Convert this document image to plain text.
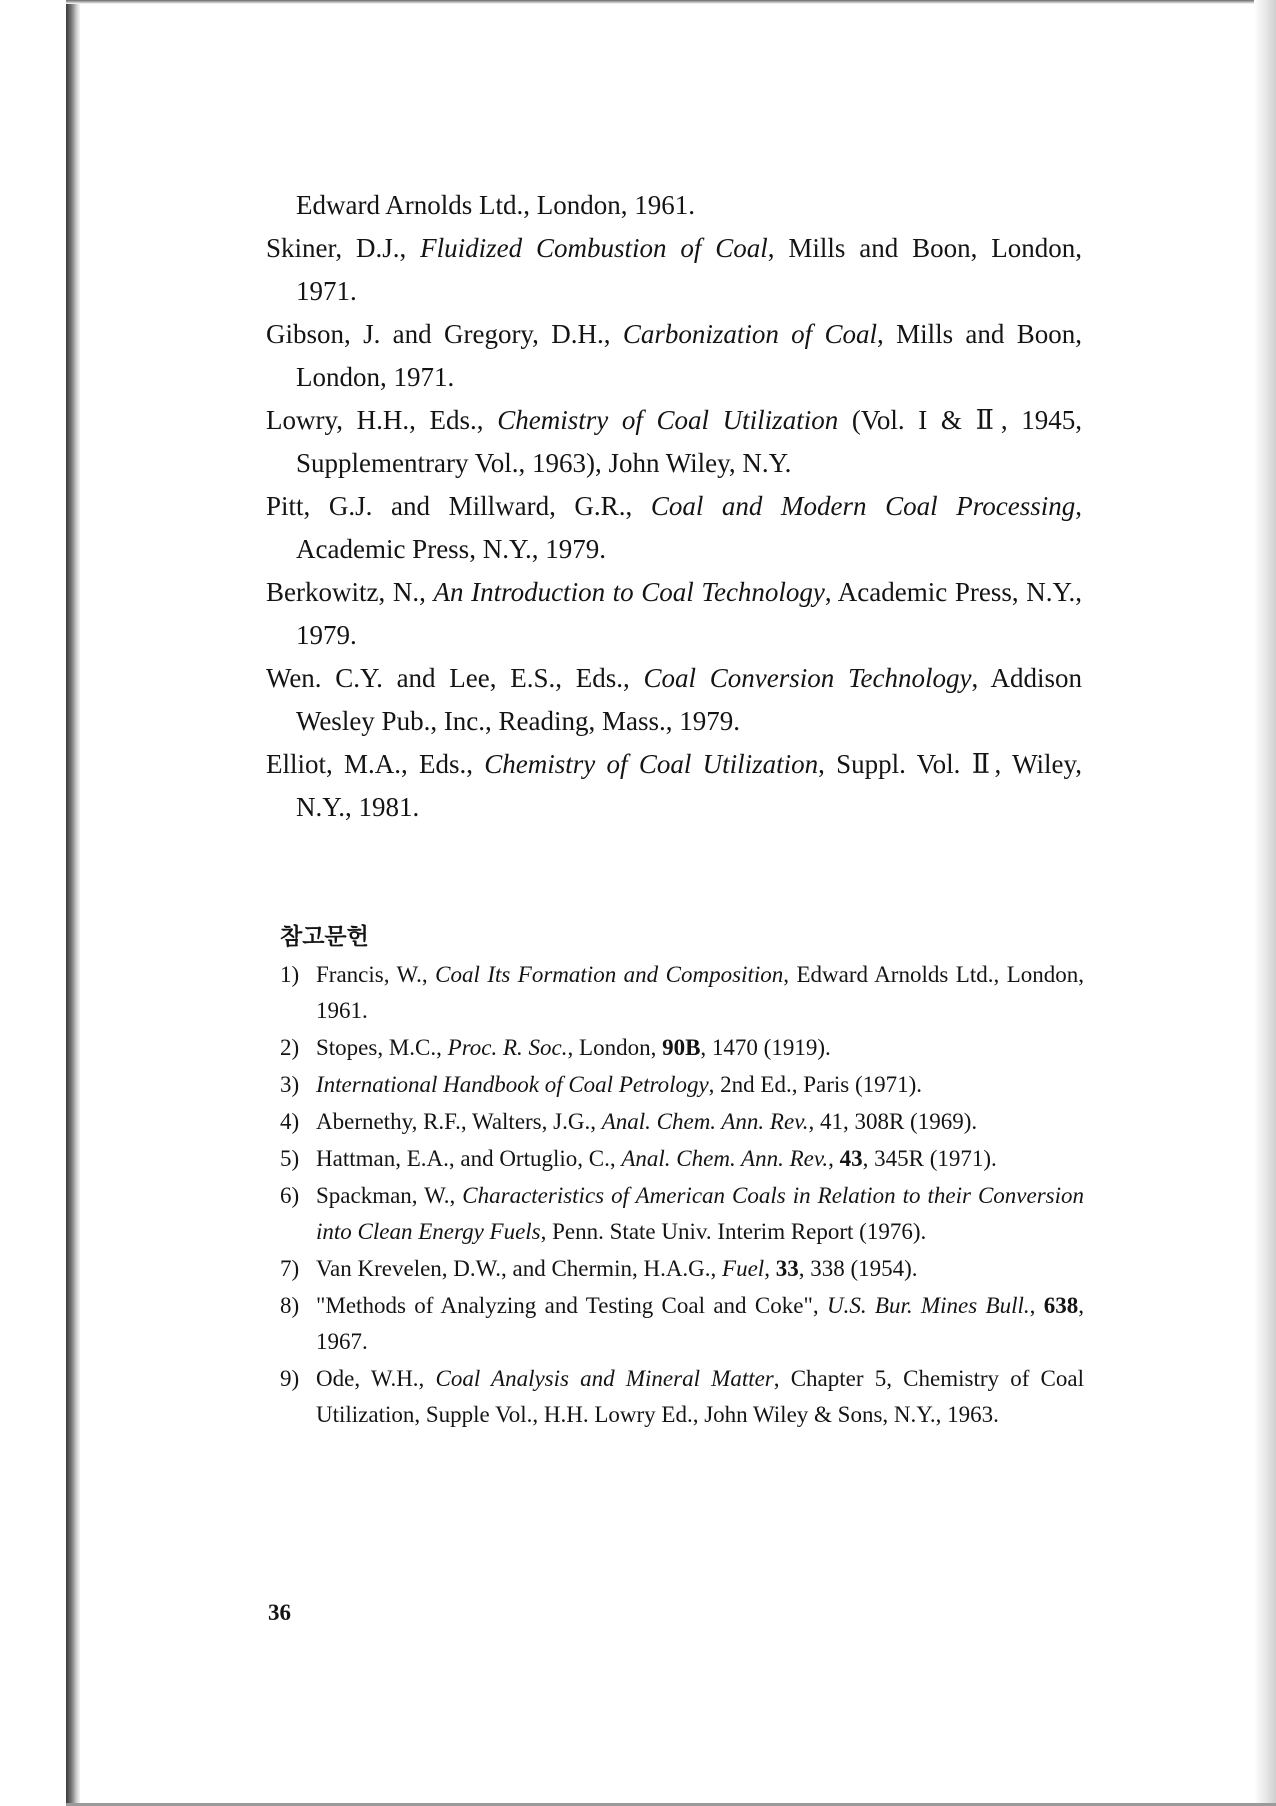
Edward Arnolds Ltd., London, 1961.

Skiner, D.J., Fluidized Combustion of Coal, Mills and Boon, London, 1971.

Gibson, J. and Gregory, D.H., Carbonization of Coal, Mills and Boon, London, 1971.

Lowry, H.H., Eds., Chemistry of Coal Utilization (Vol. I & Ⅱ, 1945, Supplementrary Vol., 1963), John Wiley, N.Y.

Pitt, G.J. and Millward, G.R., Coal and Modern Coal Processing, Academic Press, N.Y., 1979.

Berkowitz, N., An Introduction to Coal Technology, Academic Press, N.Y., 1979.

Wen. C.Y. and Lee, E.S., Eds., Coal Conversion Technology, Addison Wesley Pub., Inc., Reading, Mass., 1979.

Elliot, M.A., Eds., Chemistry of Coal Utilization, Suppl. Vol. Ⅱ, Wiley, N.Y., 1981.

참고문헌
1) Francis, W., Coal Its Formation and Composition, Edward Arnolds Ltd., London, 1961.
2) Stopes, M.C., Proc. R. Soc., London, 90B, 1470 (1919).
3) International Handbook of Coal Petrology, 2nd Ed., Paris (1971).
4) Abernethy, R.F., Walters, J.G., Anal. Chem. Ann. Rev., 41, 308R (1969).
5) Hattman, E.A., and Ortuglio, C., Anal. Chem. Ann. Rev., 43, 345R (1971).
6) Spackman, W., Characteristics of American Coals in Relation to their Conversion into Clean Energy Fuels, Penn. State Univ. Interim Report (1976).
7) Van Krevelen, D.W., and Chermin, H.A.G., Fuel, 33, 338 (1954).
8) "Methods of Analyzing and Testing Coal and Coke", U.S. Bur. Mines Bull., 638, 1967.
9) Ode, W.H., Coal Analysis and Mineral Matter, Chapter 5, Chemistry of Coal Utilization, Supple Vol., H.H. Lowry Ed., John Wiley & Sons, N.Y., 1963.
36
